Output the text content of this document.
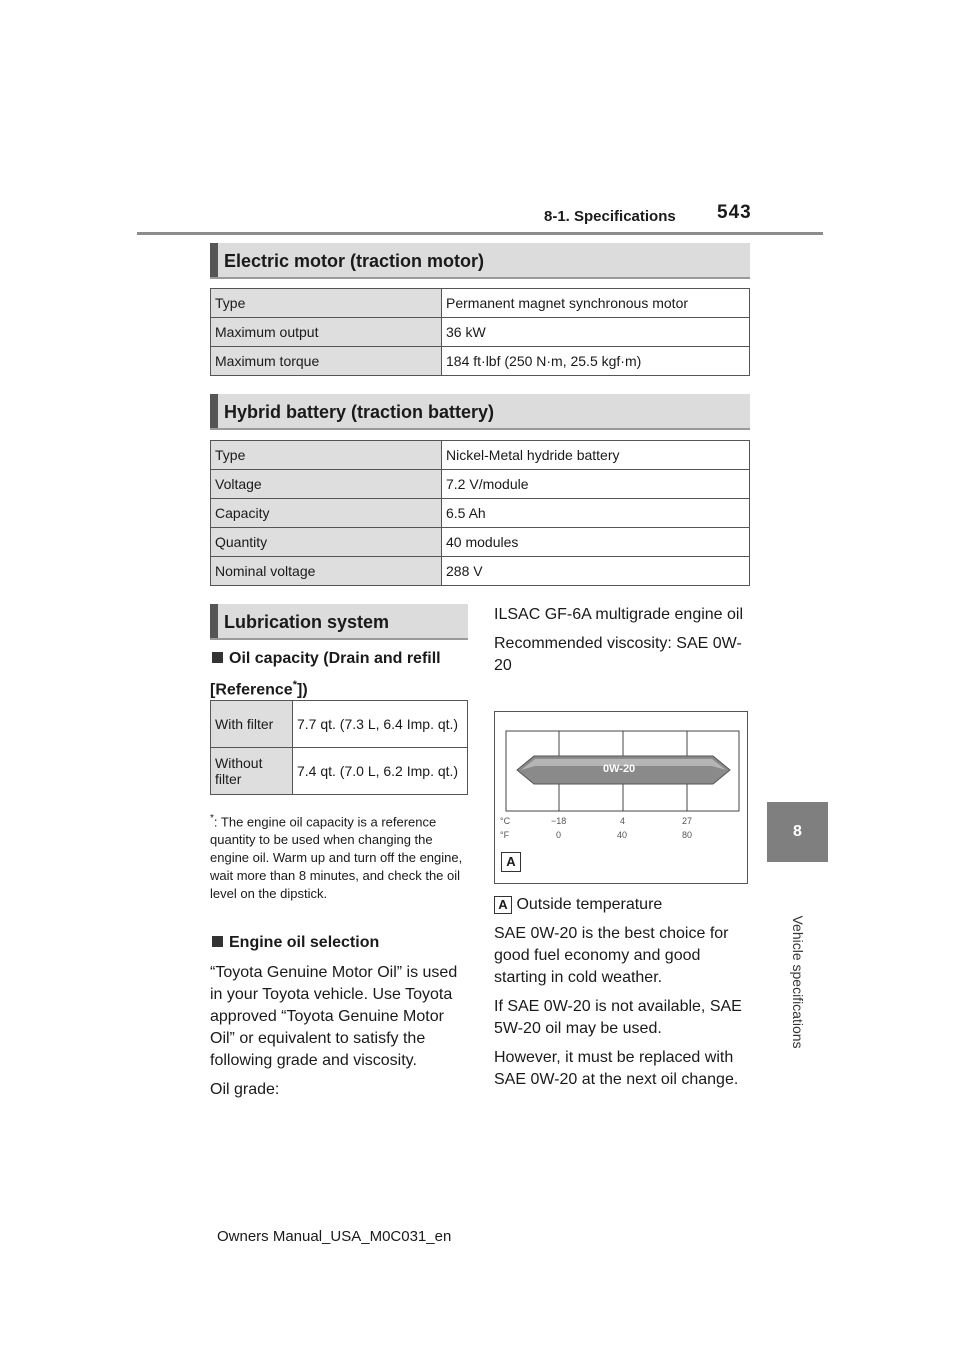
8-1. Specifications 543
8
Vehicle specifications
Electric motor (traction motor)
Type	Permanent magnet synchronous motor
Maximum output	36 kW
Maximum torque	184 ft·lbf (250 N·m, 25.5 kgf·m)
Hybrid battery (traction battery)
Type	Nickel-Metal hydride battery
Voltage	7.2 V/module
Capacity	6.5 Ah
Quantity	40 modules
Nominal voltage	288 V
Lubrication system
Oil capacity (Drain and refill [Reference*])
With filter	7.7 qt. (7.3 L, 6.4 Imp. qt.)
Without filter	7.4 qt. (7.0 L, 6.2 Imp. qt.)
*: The engine oil capacity is a reference quantity to be used when changing the engine oil. Warm up and turn off the engine, wait more than 8 minutes, and check the oil level on the dipstick.
Engine oil selection

“Toyota Genuine Motor Oil” is used in your Toyota vehicle. Use Toyota approved “Toyota Genuine Motor Oil” or equivalent to satisfy the following grade and viscosity.

Oil grade:

ILSAC GF-6A multigrade engine oil

Recommended viscosity: SAE 0W-20

0W-20
°C
°F
−18	4	27
0	40	80
A
A Outside temperature

SAE 0W-20 is the best choice for good fuel economy and good starting in cold weather.

If SAE 0W-20 is not available, SAE 5W-20 oil may be used.

However, it must be replaced with SAE 0W-20 at the next oil change.

Owners Manual_USA_M0C031_en
